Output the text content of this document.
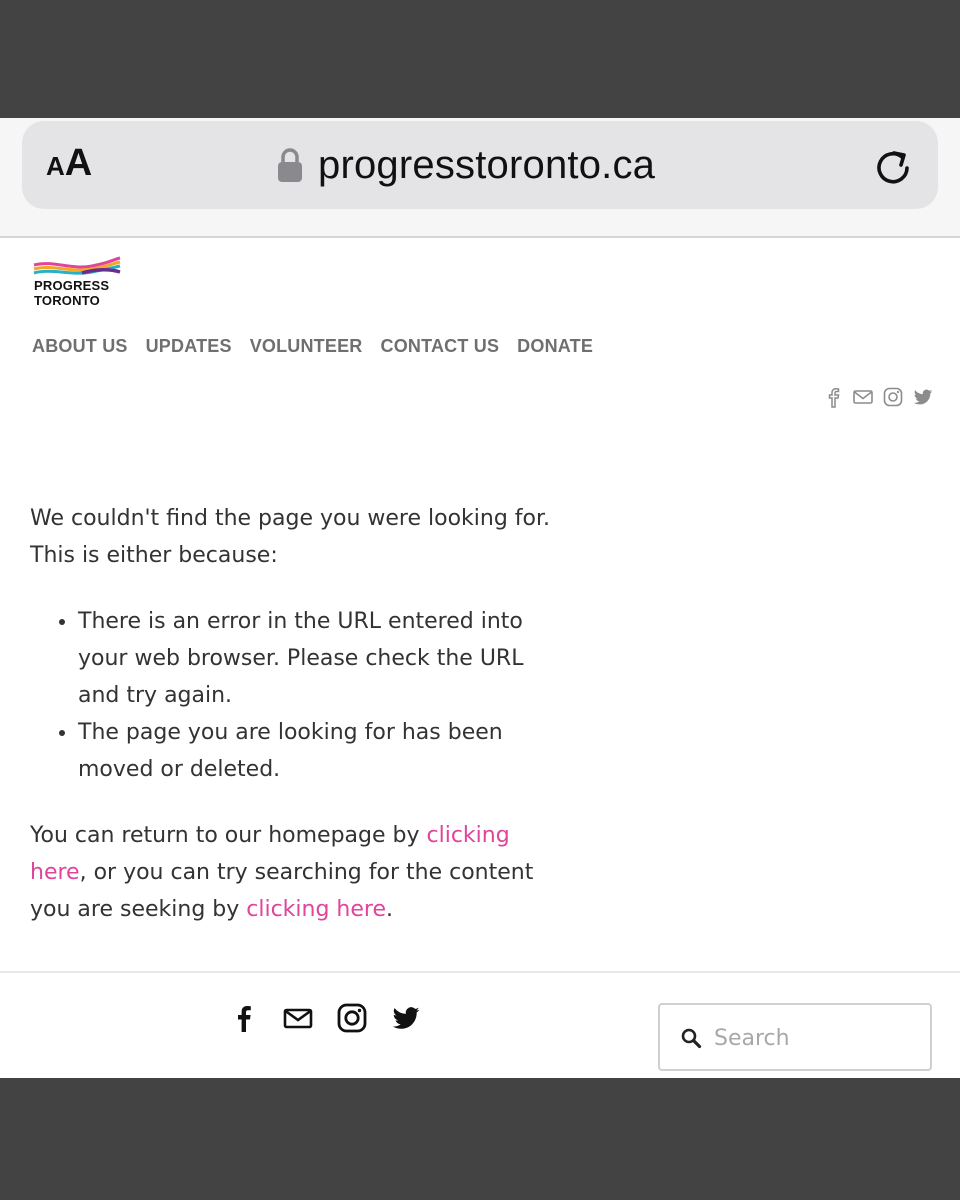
AA	progresstoronto.ca
PROGRESS
TORONTO
ABOUT US UPDATES VOLUNTEER CONTACT US DONATE

We couldn't find the page you were looking for. This is either because:

• There is an error in the URL entered into your web browser. Please check the URL and try again.
• The page you are looking for has been moved or deleted.

You can return to our homepage by clicking here, or you can try searching for the content you are seeking by clicking here.

Search
